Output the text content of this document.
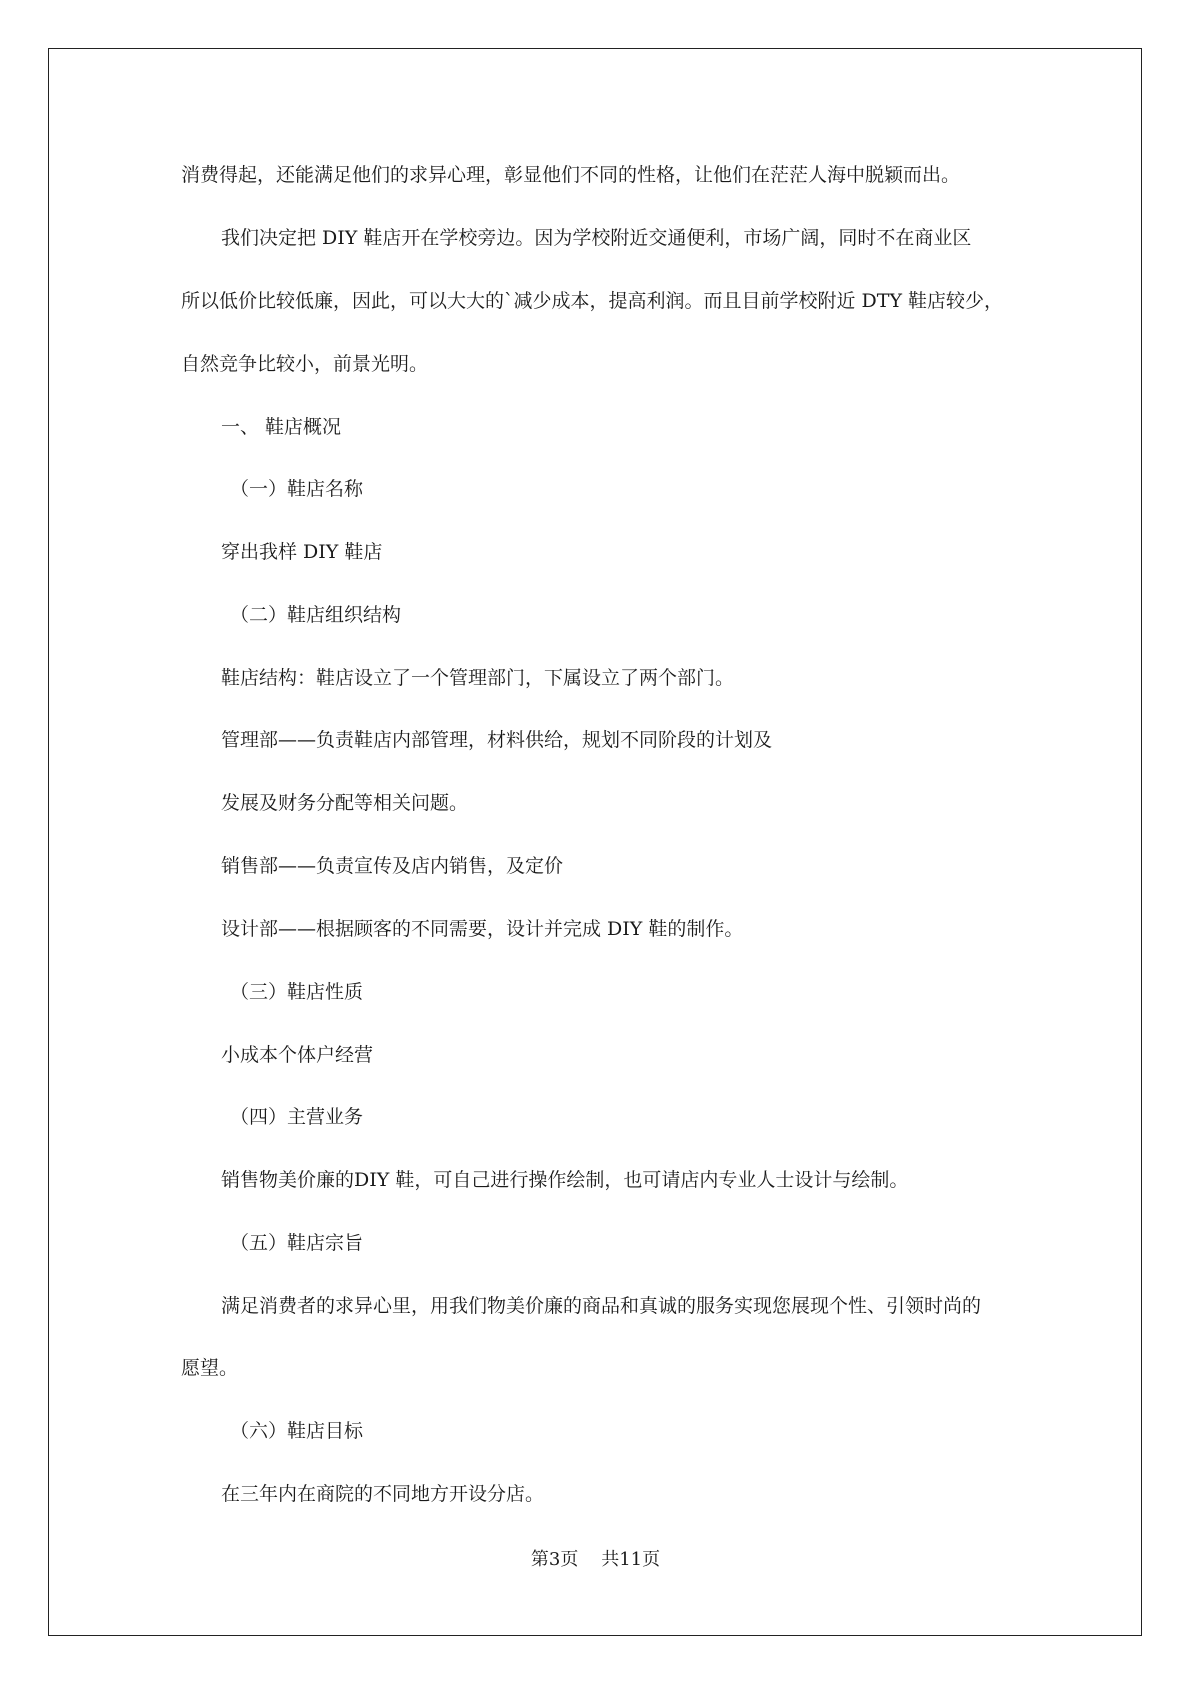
消费得起，还能满足他们的求异心理，彰显他们不同的性格，让他们在茫茫人海中脱颖而出。
我们决定把 DIY 鞋店开在学校旁边。因为学校附近交通便利，市场广阔，同时不在商业区
所以低价比较低廉，因此，可以大大的`减少成本，提高利润。而且目前学校附近 DTY 鞋店较少，
自然竞争比较小，前景光明。
一、 鞋店概况
（一）鞋店名称
穿出我样 DIY 鞋店
（二）鞋店组织结构
鞋店结构：鞋店设立了一个管理部门，下属设立了两个部门。
管理部——负责鞋店内部管理，材料供给，规划不同阶段的计划及
发展及财务分配等相关问题。
销售部——负责宣传及店内销售，及定价
设计部——根据顾客的不同需要，设计并完成 DIY 鞋的制作。
（三）鞋店性质
小成本个体户经营
（四）主营业务
销售物美价廉的DIY 鞋，可自己进行操作绘制，也可请店内专业人士设计与绘制。
（五）鞋店宗旨
满足消费者的求异心里，用我们物美价廉的商品和真诚的服务实现您展现个性、引领时尚的
愿望。
（六）鞋店目标
在三年内在商院的不同地方开设分店。
第3页    共11页
